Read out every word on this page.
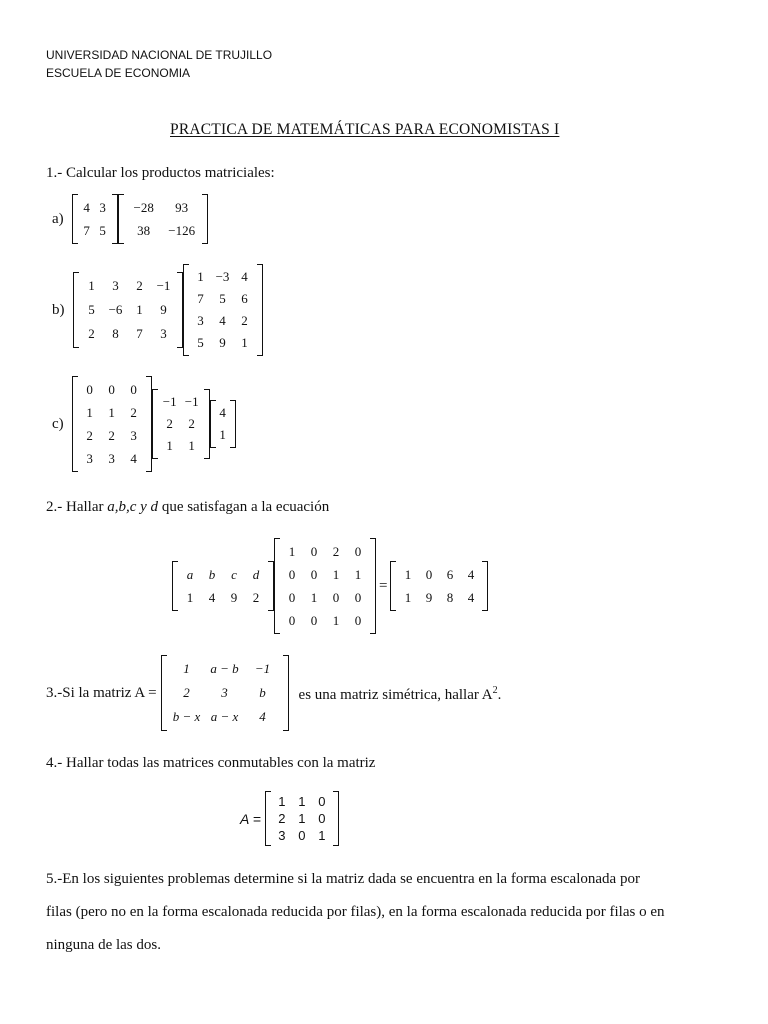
UNIVERSIDAD NACIONAL DE TRUJILLO
ESCUELA DE ECONOMIA
PRACTICA DE MATEMÁTICAS PARA ECONOMISTAS I
1.- Calcular los productos matriciales:
a)
4	3
7	5
−28	93
38	−126
b)
1	3	2	−1
5	−6	1	9
2	8	7	3
1	−3	4
7	5	6
3	4	2
5	9	1
c)
0	0	0
1	1	2
2	2	3
3	3	4
−1	−1
2	2
1	1
4
1
2.- Hallar a,b,c y d que satisfagan a la ecuación
a	b	c	d
1	4	9	2
1	0	2	0
0	0	1	1
0	1	0	0
0	0	1	0
=
1	0	6	4
1	9	8	4
3.-Si la matriz A =
1	a − b	−1
2	3	b
b − x	a − x	4
es una matriz simétrica, hallar $A^2$.
4.- Hallar todas las matrices conmutables con la matriz
A =
1	1	0
2	1	0
3	0	1
5.-En los siguientes problemas determine si la matriz dada se encuentra en la forma escalonada por
filas (pero no en la forma escalonada reducida por filas), en la forma escalonada reducida por filas o en
ninguna de las dos.
